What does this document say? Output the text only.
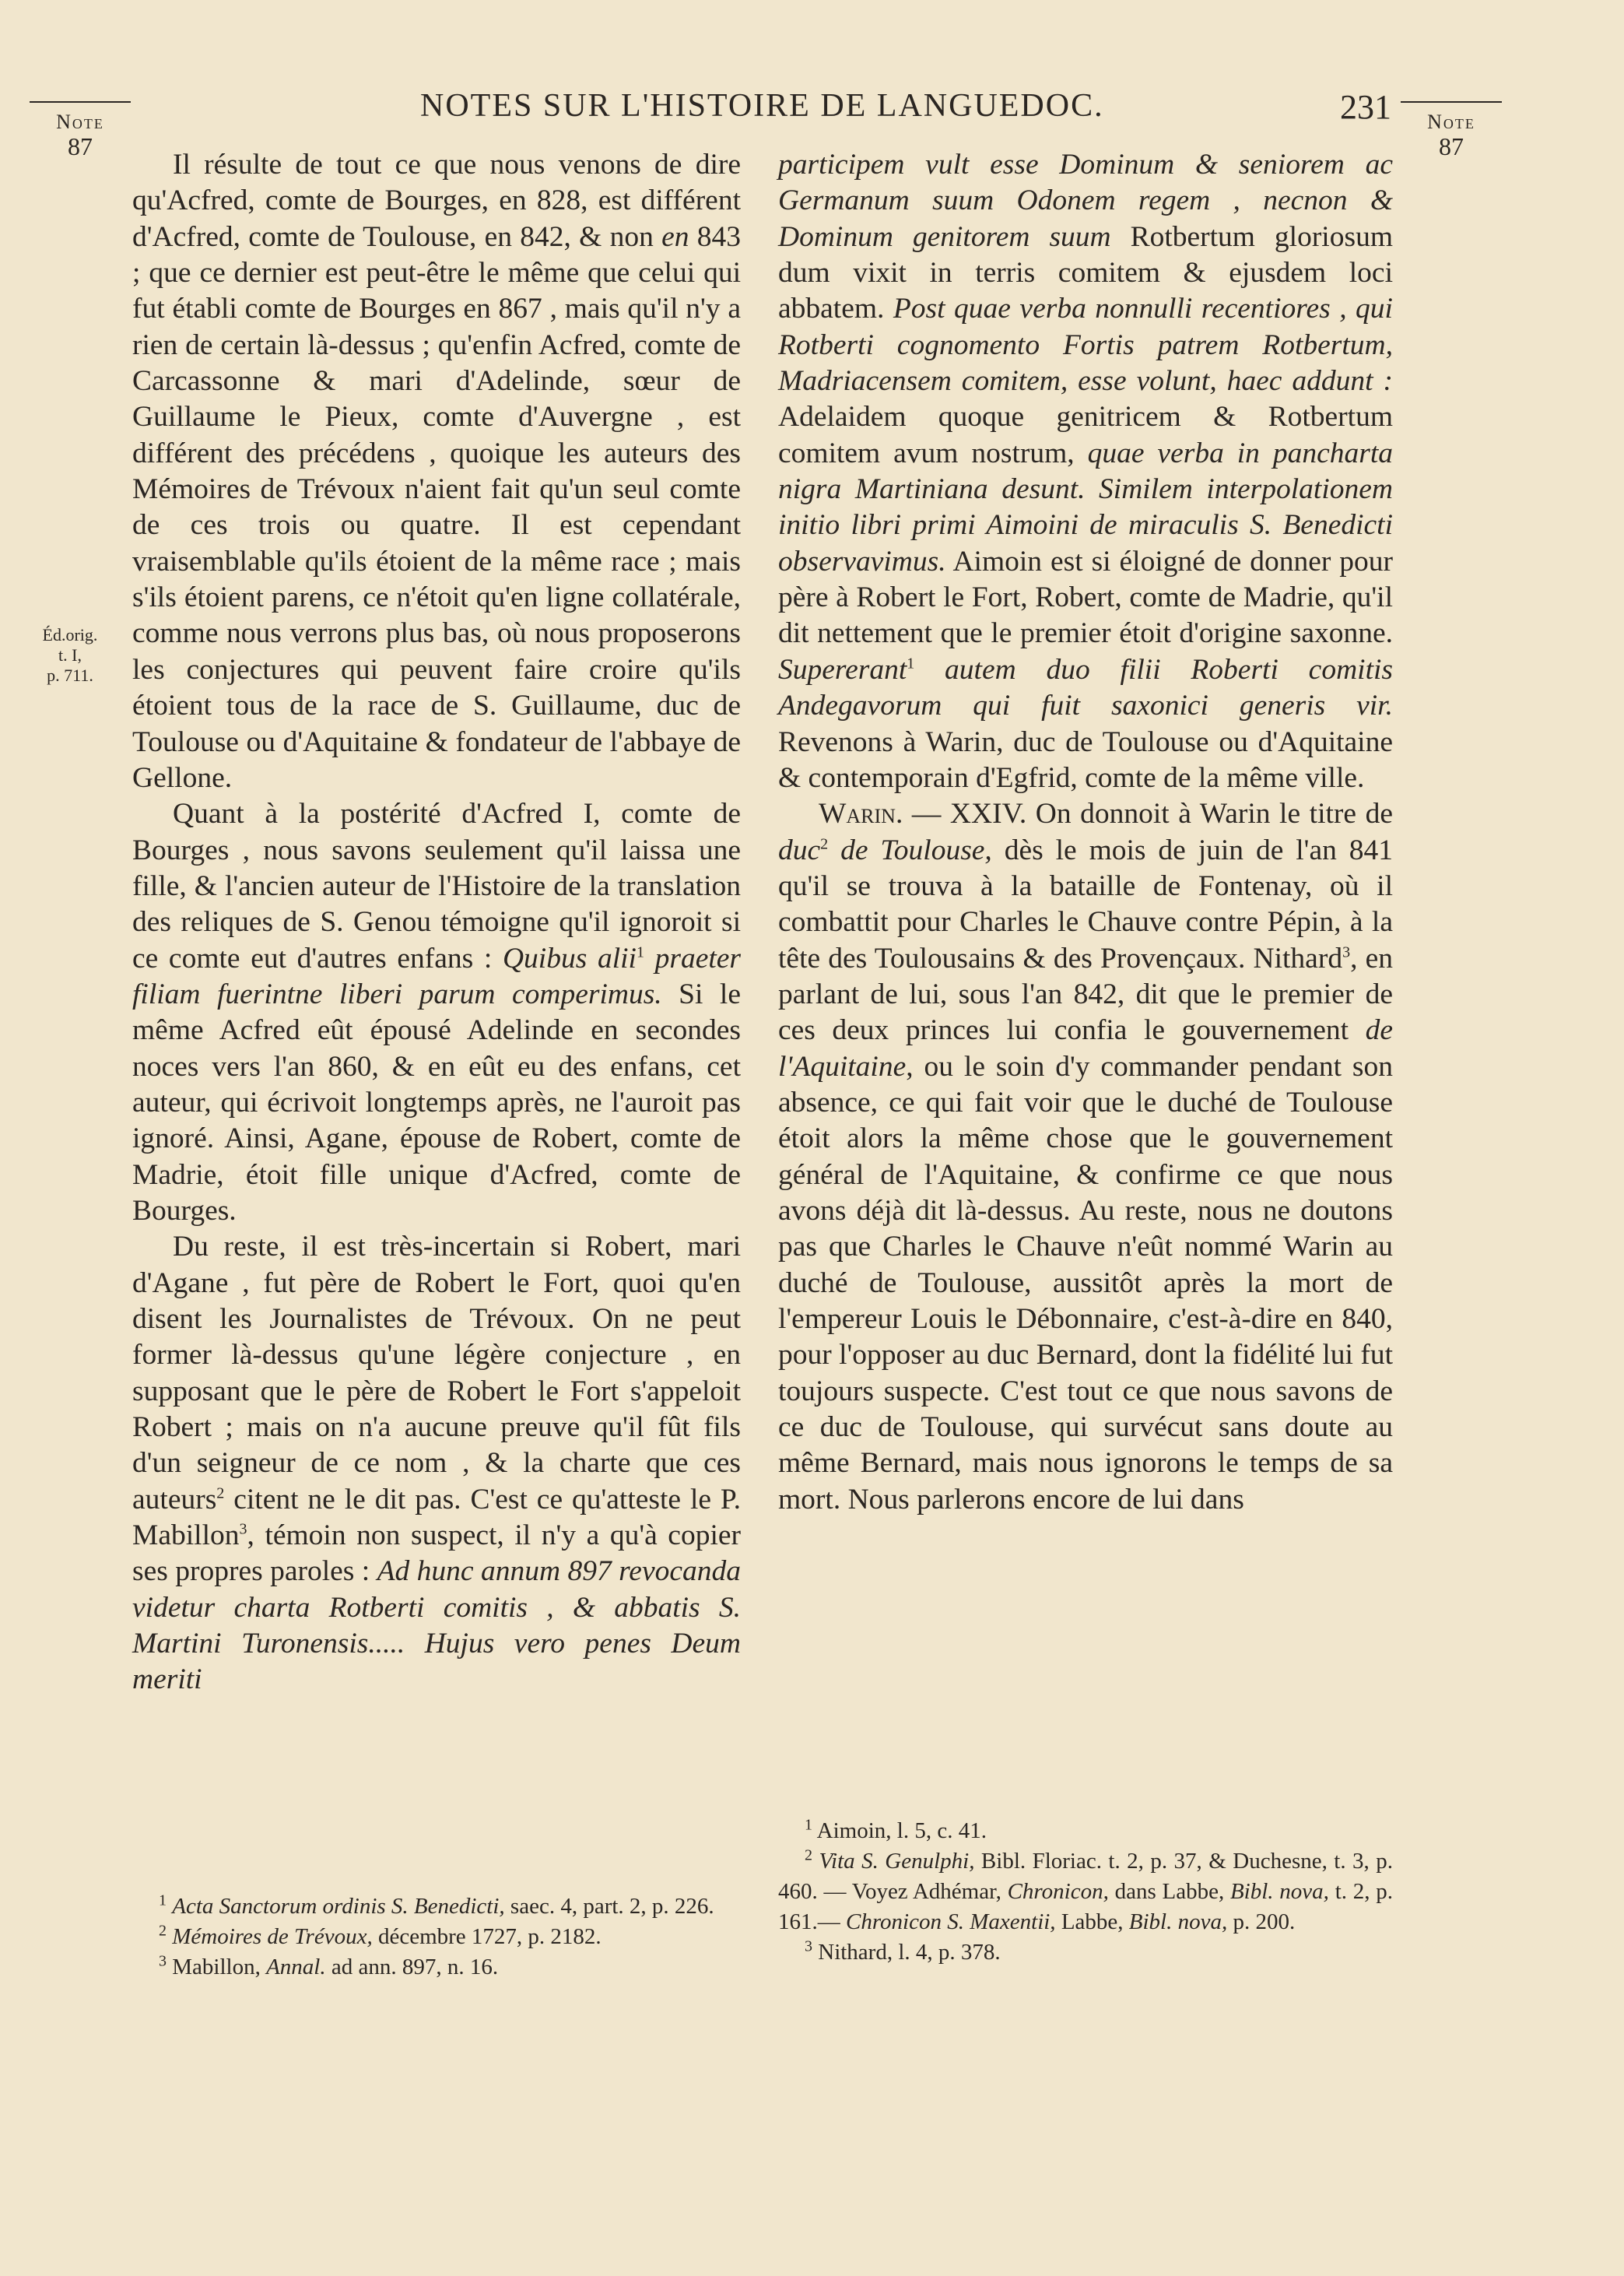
Note
87
NOTES SUR L'HISTOIRE DE LANGUEDOC.	231	Note
87
Éd.orig.
t. I,
p. 711.

Il résulte de tout ce que nous venons de dire qu'Acfred, comte de Bourges, en 828, est différent d'Acfred, comte de Toulouse, en 842, & non en 843 ; que ce dernier est peut-être le même que celui qui fut établi comte de Bourges en 867 , mais qu'il n'y a rien de certain là-dessus ; qu'enfin Acfred, comte de Carcassonne & mari d'Adelinde, sœur de Guillaume le Pieux, comte d'Auvergne , est différent des précédens , quoique les auteurs des Mémoires de Trévoux n'aient fait qu'un seul comte de ces trois ou quatre. Il est cependant vraisemblable qu'ils étoient de la même race ; mais s'ils étoient parens, ce n'étoit qu'en ligne collatérale, comme nous verrons plus bas, où nous proposerons les conjectures qui peuvent faire croire qu'ils étoient tous de la race de S. Guillaume, duc de Toulouse ou d'Aquitaine & fondateur de l'abbaye de Gellone.

Quant à la postérité d'Acfred I, comte de Bourges , nous savons seulement qu'il laissa une fille, & l'ancien auteur de l'Histoire de la translation des reliques de S. Genou témoigne qu'il ignoroit si ce comte eut d'autres enfans : Quibus alii$^1$ praeter filiam fuerintne liberi parum comperimus. Si le même Acfred eût épousé Adelinde en secondes noces vers l'an 860, & en eût eu des enfans, cet auteur, qui écrivoit longtemps après, ne l'auroit pas ignoré. Ainsi, Agane, épouse de Robert, comte de Madrie, étoit fille unique d'Acfred, comte de Bourges.

Du reste, il est très-incertain si Robert, mari d'Agane , fut père de Robert le Fort, quoi qu'en disent les Journalistes de Trévoux. On ne peut former là-dessus qu'une légère conjecture , en supposant que le père de Robert le Fort s'appeloit Robert ; mais on n'a aucune preuve qu'il fût fils d'un seigneur de ce nom , & la charte que ces auteurs$^2$ citent ne le dit pas. C'est ce qu'atteste le P. Mabillon$^3$, témoin non suspect, il n'y a qu'à copier ses propres paroles : Ad hunc annum 897 revocanda videtur charta Rotberti comitis , & abbatis S. Martini Turonensis..... Hujus vero penes Deum meriti

participem vult esse Dominum & seniorem ac Germanum suum Odonem regem , necnon & Dominum genitorem suum Rotbertum gloriosum dum vixit in terris comitem & ejusdem loci abbatem. Post quae verba nonnulli recentiores , qui Rotberti cognomento Fortis patrem Rotbertum, Madriacensem comitem, esse volunt, haec addunt : Adelaidem quoque genitricem & Rotbertum comitem avum nostrum, quae verba in pancharta nigra Martiniana desunt. Similem interpolationem initio libri primi Aimoini de miraculis S. Benedicti observavimus. Aimoin est si éloigné de donner pour père à Robert le Fort, Robert, comte de Madrie, qu'il dit nettement que le premier étoit d'origine saxonne. Supererant$^1$ autem duo filii Roberti comitis Andegavorum qui fuit saxonici generis vir. Revenons à Warin, duc de Toulouse ou d'Aquitaine & contemporain d'Egfrid, comte de la même ville.

Warin. — XXIV. On donnoit à Warin le titre de duc$^2$ de Toulouse, dès le mois de juin de l'an 841 qu'il se trouva à la bataille de Fontenay, où il combattit pour Charles le Chauve contre Pépin, à la tête des Toulousains & des Provençaux. Nithard$^3$, en parlant de lui, sous l'an 842, dit que le premier de ces deux princes lui confia le gouvernement de l'Aquitaine, ou le soin d'y commander pendant son absence, ce qui fait voir que le duché de Toulouse étoit alors la même chose que le gouvernement général de l'Aquitaine, & confirme ce que nous avons déjà dit là-dessus. Au reste, nous ne doutons pas que Charles le Chauve n'eût nommé Warin au duché de Toulouse, aussitôt après la mort de l'empereur Louis le Débonnaire, c'est-à-dire en 840, pour l'opposer au duc Bernard, dont la fidélité lui fut toujours suspecte. C'est tout ce que nous savons de ce duc de Toulouse, qui survécut sans doute au même Bernard, mais nous ignorons le temps de sa mort. Nous parlerons encore de lui dans

$^1$ Acta Sanctorum ordinis S. Benedicti, saec. 4, part. 2, p. 226.

$^2$ Mémoires de Trévoux, décembre 1727, p. 2182.

$^3$ Mabillon, Annal. ad ann. 897, n. 16.

$^1$ Aimoin, l. 5, c. 41.

$^2$ Vita S. Genulphi, Bibl. Floriac. t. 2, p. 37, & Duchesne, t. 3, p. 460. — Voyez Adhémar, Chronicon, dans Labbe, Bibl. nova, t. 2, p. 161.— Chronicon S. Maxentii, Labbe, Bibl. nova, p. 200.

$^3$ Nithard, l. 4, p. 378.
